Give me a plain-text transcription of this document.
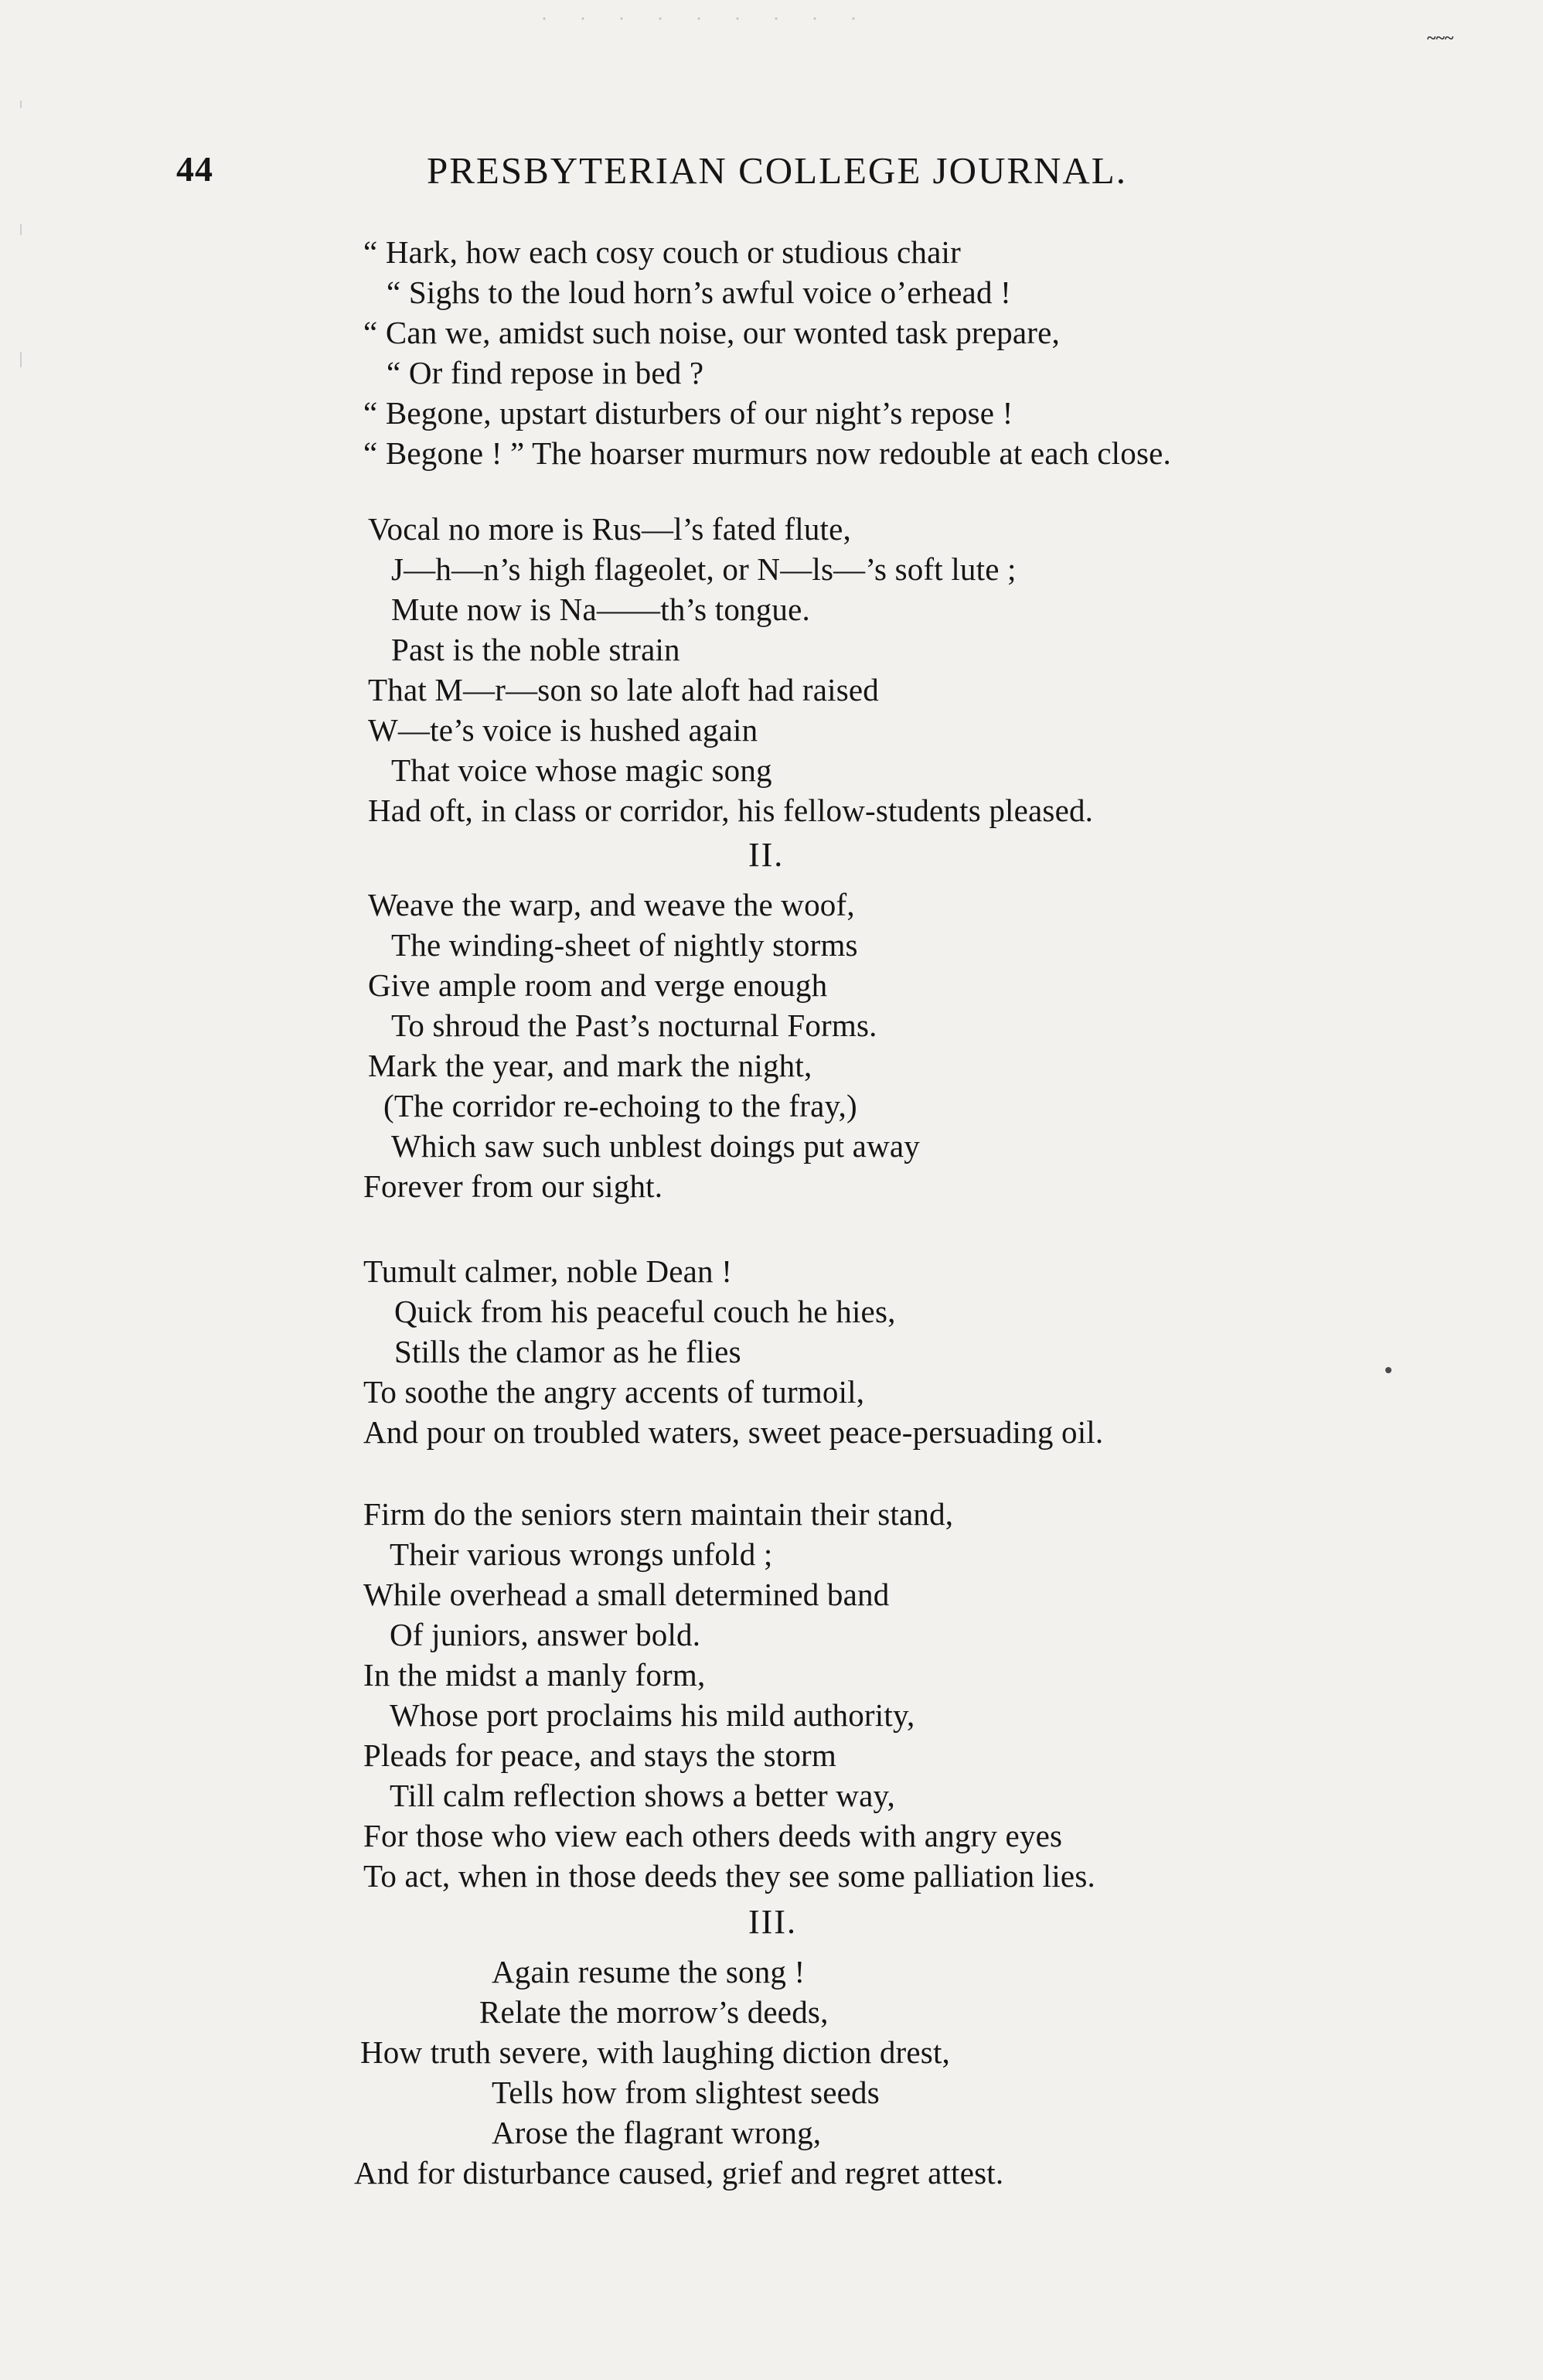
· · · · · · · · ·
~~~
44	PRESBYTERIAN COLLEGE JOURNAL.
“ Hark, how each cosy couch or studious chair
“ Sighs to the loud horn’s awful voice o’erhead !
“ Can we, amidst such noise, our wonted task prepare,
“ Or find repose in bed ?
“ Begone, upstart disturbers of our night’s repose !
“ Begone ! ” The hoarser murmurs now redouble at each close.
Vocal no more is Rus—l’s fated flute,
J—h—n’s high flageolet, or N—ls—’s soft lute ;
Mute now is Na——th’s tongue.
Past is the noble strain
That M—r—son so late aloft had raised
W—te’s voice is hushed again
That voice whose magic song
Had oft, in class or corridor, his fellow-students pleased.
II.
Weave the warp, and weave the woof,
The winding-sheet of nightly storms
Give ample room and verge enough
To shroud the Past’s nocturnal Forms.
Mark the year, and mark the night,
(The corridor re-echoing to the fray,)
Which saw such unblest doings put away
Forever from our sight.
Tumult calmer, noble Dean !
Quick from his peaceful couch he hies,
Stills the clamor as he flies
To soothe the angry accents of turmoil,
And pour on troubled waters, sweet peace-persuading oil.
Firm do the seniors stern maintain their stand,
Their various wrongs unfold ;
While overhead a small determined band
Of juniors, answer bold.
In the midst a manly form,
Whose port proclaims his mild authority,
Pleads for peace, and stays the storm
Till calm reflection shows a better way,
For those who view each others deeds with angry eyes
To act, when in those deeds they see some palliation lies.
III.
Again resume the song !
Relate the morrow’s deeds,
How truth severe, with laughing diction drest,
Tells how from slightest seeds
Arose the flagrant wrong,
And for disturbance caused, grief and regret attest.
